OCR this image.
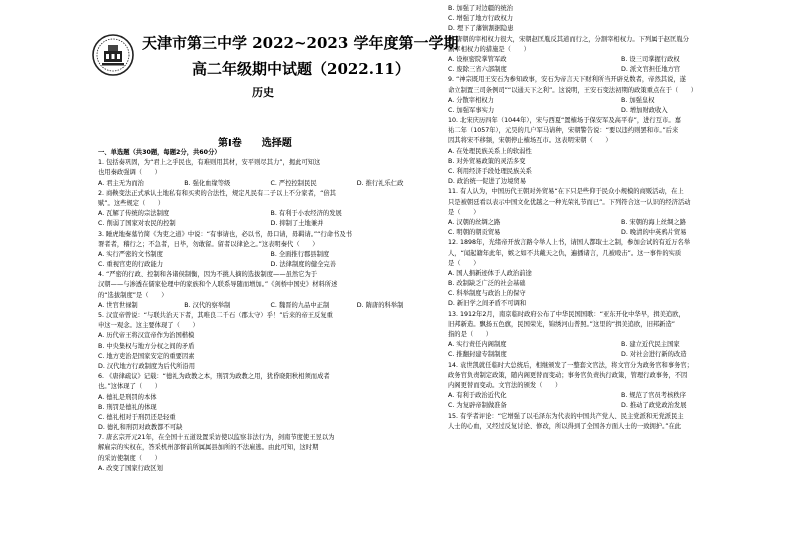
天津市第三中学 2022~2023 学年度第一学期
高二年级期中试题（2022.11）
历史
第Ⅰ卷　　选择题
一、单选题（共30题，每题2分，共60分）
1. 包括奏巩固，为“君上之乎民也，有难则用其材，安平则尽其力”，揭此可知这
也用秦政强调（　　）
A. 君主无为而治	B. 强化血缘等级	C. 严控控制民民	D. 推行礼乐仁政
2. 商鞅变法正式承认土地私有和买卖的合法性，规定凡民有二子以上不分家者，“倍其
赋”。这些规定（　　）
A. 瓦解了传统的宗法制度	B. 有利于小农经济的发展
C. 削弱了国家对农民的控制	D. 抑制了土地兼并
3. 睡虎地秦墓竹简《为吏之道》中说：“有事请也，必以书，毋口请，毋羁请。”“行命书及书
署者者，稽行之；不急者，日毕，勿敢留。留者以律论之。”这表明秦代（　　）
A. 实行严密的文书制度	B. 全面推行郡县制度
C. 重视官吏的行政能力	D. 法律制度的健全完善
4. “严密的行政、控制和各诸侯制衡，因为不挑人摘的选拔制度——虽然它为于
汉朝——与渗透在儒家伦理中的家族和个人联系导随而增加。”《剑桥中国史》材料所述
的“选拔制度”是（　　）
A. 世官世禄制	B. 汉代的察举制	C. 魏晋的九品中正制	D. 隋唐的科举制
5. 汉宣帝曾说：“与联共治天下者，其唯良二千石（郡太守）乎！”后来的帝王反复重
申这一观念。这主要体现了（　　）
A. 历代帝王将汉宣帝作为治国楷模
B. 中央集权与地方分权之间的矛盾
C. 地方吏治是国家安定的重要因素
D. 汉代地方行政制度为后代所沿用
6. 《唐律疏议》记载：“德礼为政教之本，刑罚为政教之用，犹昏晓阳秋相须而成者
也。”这体现了（　　）
A. 德礼是刑罚的本体
B. 刑罚是德礼的体现
C. 德礼相对于刑罚还是轻重
D. 德礼和刑罚对政教都不可缺
7. 唐玄宗开元21年，在全国十五道设置采访使以监察非法行为，剑南节度使王昱以为
解雇宗的实权在，答采机州部督前所属属县加所的不法雇逃。由此可知，这时期
的采访使制度（　　）
A. 改变了国家行政区划
B. 加强了对边疆的统治
C. 增强了地方行政权力
D. 埋下了藩镇割据隐患
8. 唐朝的宰相权力很大，宋朝赵匡胤反其道而行之，分割宰相权力。下列属于赵匡胤分
割宰相权力的措施是（　　）
A. 设枢密院掌管军政	B. 设三司掌握行政权
C. 废除三省六部制度	D. 派文官担任地方官
9. “神宗既用王安石为参知政事，安石为帝言天下财利所当开辟兑数者，帝然其说，遂
命立制置三司条例司”“以通天下之利”。这说明，王安石变法初期的政策重点在于（　　）
A. 分散宰相权力	B. 加强皇权
C. 加强军事实力	D. 增加财政收入
10. 北宋庆历四年（1044年），宋与西夏“置榷场于保安军及高平春”，进行互市。嘉
祐二年（1057年），元昊的几户军马请种，宋朝警告说：“要以违约则罢和市。”后来
因其将宋不移频，宋朝停止榷场互市。这表明宋朝（　　）
A. 在处理民族关系上的软弱性
B. 对外贸易政策的灵活多变
C. 利用经济手段处理民族关系
D. 政治统一促进了边境贸易
11. 有人认为，中国历代王朝对外贸易“在下只是些仰于民众小规模的商贩活动，在上
只是被朝廷看以表示中国文化优越之一种光荣礼节而已”。下列符合这一认识的经济活动
是（　　）
A. 汉朝的丝绸之路	B. 宋朝的海上丝绸之路
C. 明朝的朝贡贸易	D. 晚清的中英鸦片贸易
12. 1898年，光绪帝开放言路令举人上书，请国人都取士之制，参加会试的有近万名举
人，“闻起籍年此年，嫉之如不共戴天之仇，遍播诸言，几被殴击”。这一事件的实质
是（　　）
A. 国人捐新迹体于人政治前途
B. 改制缺乏广泛的社会基础
C. 科举制度与政治上的保守
D. 新旧学之间矛盾不可调和
13. 1912年2月，南京临时政府公布了中华民国国歌：“亚东开化中华早，揖美追欧，
旧邦新造。飘扬五色旗，民国荣光，锦绣河山普照。”这里的“揖美追欧，旧邦新造”
指的是（　　）
A. 实行责任内阁制度	B. 建立近代民主国家
C. 推翻封建专制制度	D. 对社会进行新的改造
14. 袁世凯就任临时大总统后，相继颁发了一整套文官法，将文官分为政务官和事务官；
政务官负责制定政策，随内阁更替而变动；事务官负责执行政策，管理行政事务，不因
内阁更替而变动。文官法的颁发（　　）
A. 有利于政治近代化	B. 规范了官员考核秩序
C. 为复辟帝制做准备	D. 推动了政党政治发展
15. 有学者评论：“它增强了以毛泽东为代表的中国共产党人、民主党派和无党派民主
人士的心血，又经过反复讨论、修改，所以得到了全国各方面人士的一致拥护。”在此
